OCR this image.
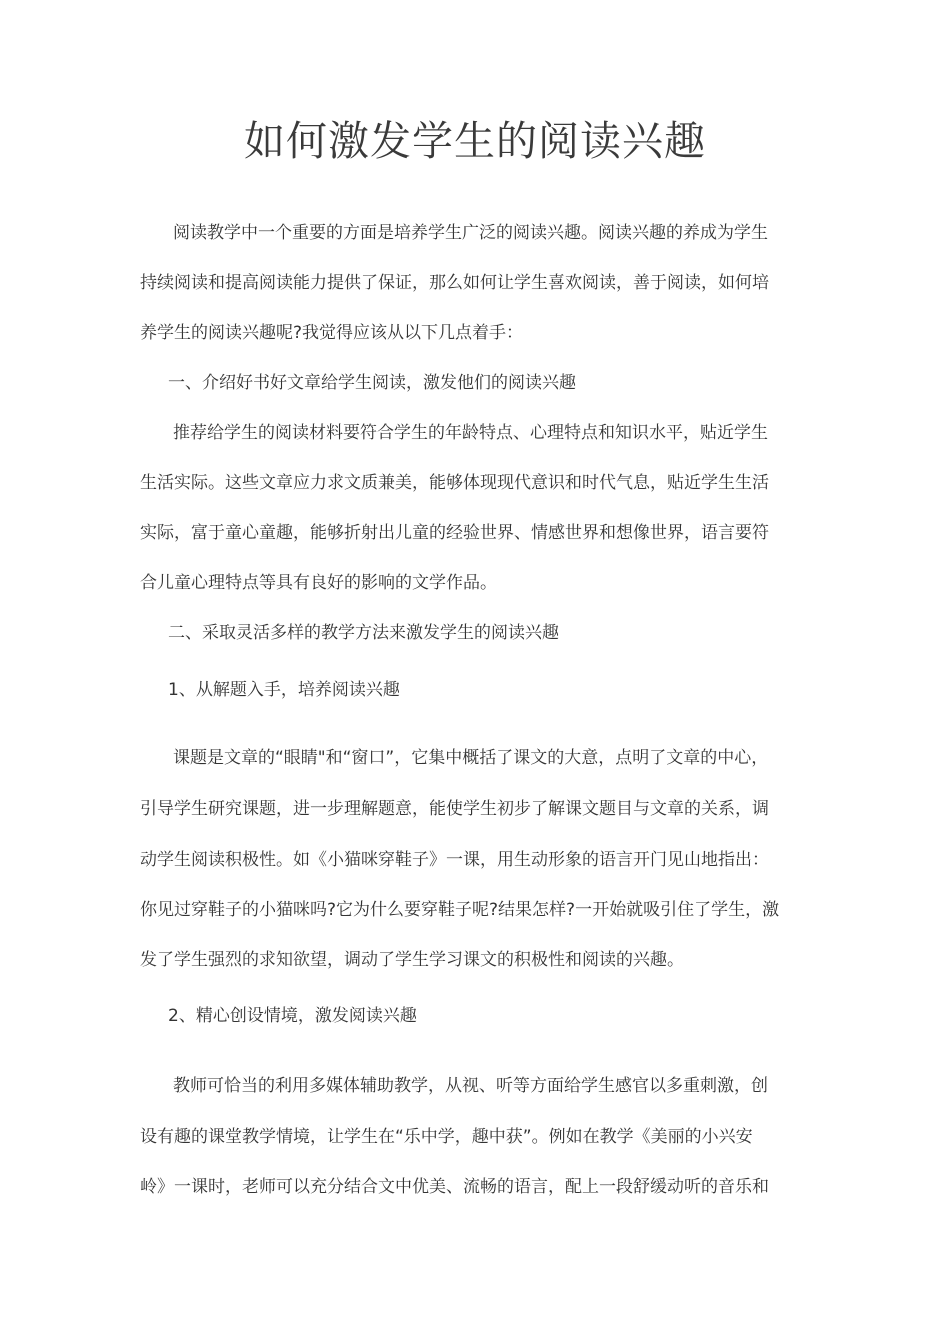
如何激发学生的阅读兴趣
阅读教学中一个重要的方面是培养学生广泛的阅读兴趣。阅读兴趣的养成为学生
持续阅读和提高阅读能力提供了保证，那么如何让学生喜欢阅读，善于阅读，如何培
养学生的阅读兴趣呢?我觉得应该从以下几点着手：
一、介绍好书好文章给学生阅读，激发他们的阅读兴趣
推荐给学生的阅读材料要符合学生的年龄特点、心理特点和知识水平，贴近学生
生活实际。这些文章应力求文质兼美，能够体现现代意识和时代气息，贴近学生生活
实际，富于童心童趣，能够折射出儿童的经验世界、情感世界和想像世界，语言要符
合儿童心理特点等具有良好的影响的文学作品。
二、采取灵活多样的教学方法来激发学生的阅读兴趣
1、从解题入手，培养阅读兴趣
课题是文章的“眼睛"和“窗口”，它集中概括了课文的大意，点明了文章的中心，
引导学生研究课题，进一步理解题意，能使学生初步了解课文题目与文章的关系，调
动学生阅读积极性。如《小猫咪穿鞋子》一课，用生动形象的语言开门见山地指出：
你见过穿鞋子的小猫咪吗?它为什么要穿鞋子呢?结果怎样?一开始就吸引住了学生，激
发了学生强烈的求知欲望，调动了学生学习课文的积极性和阅读的兴趣。
2、精心创设情境，激发阅读兴趣
教师可恰当的利用多媒体辅助教学，从视、听等方面给学生感官以多重刺激，创
设有趣的课堂教学情境，让学生在“乐中学，趣中获”。例如在教学《美丽的小兴安
岭》一课时，老师可以充分结合文中优美、流畅的语言，配上一段舒缓动听的音乐和
